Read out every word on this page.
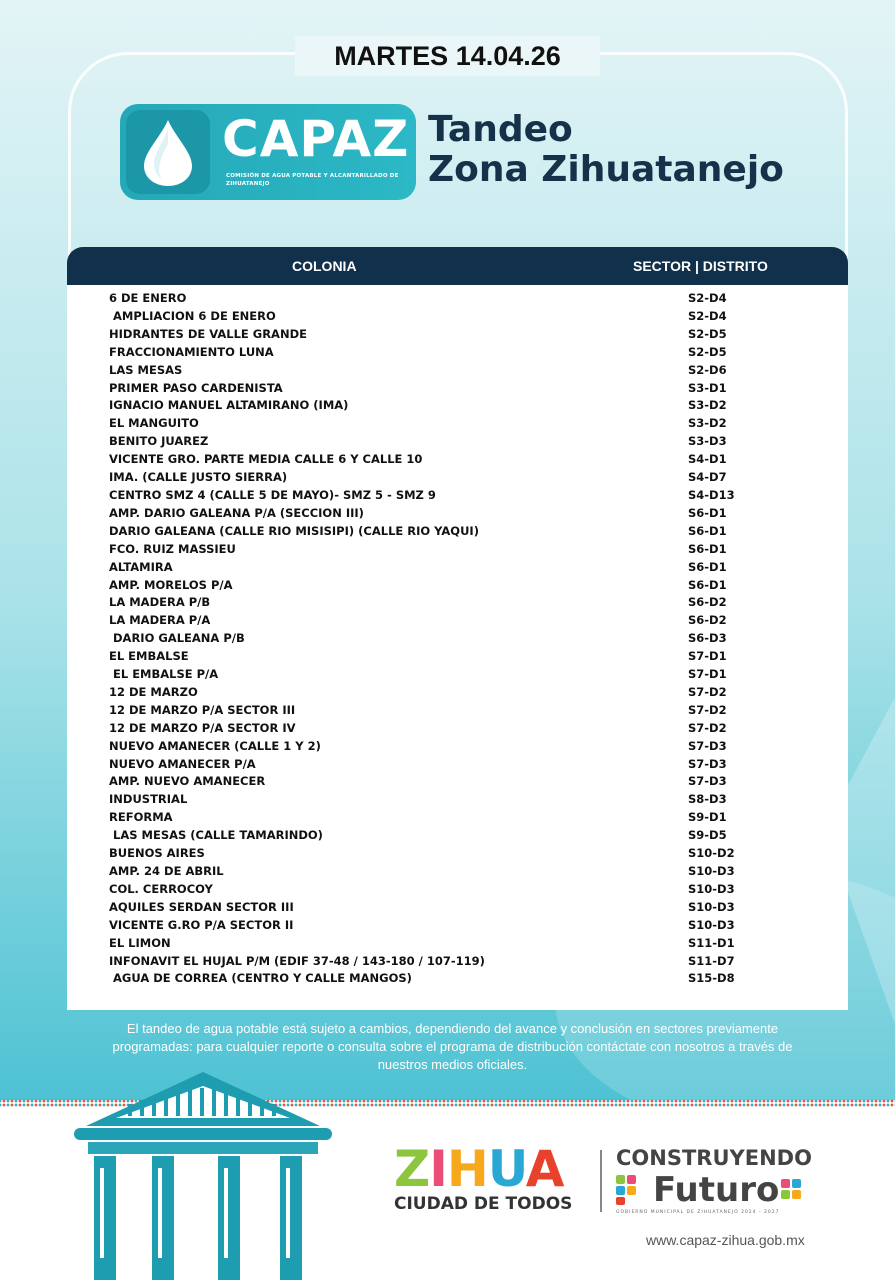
MARTES 14.04.26
CAPAZ
COMISIÓN DE AGUA POTABLE Y ALCANTARILLADO DE ZIHUATANEJO
Tandeo
Zona Zihuatanejo
COLONIA	SECTOR | DISTRITO
6 DE ENERO	S2-D4
AMPLIACION 6 DE ENERO	S2-D4
HIDRANTES DE VALLE GRANDE	S2-D5
FRACCIONAMIENTO LUNA	S2-D5
LAS MESAS	S2-D6
PRIMER PASO CARDENISTA	S3-D1
IGNACIO MANUEL ALTAMIRANO (IMA)	S3-D2
EL MANGUITO	S3-D2
BENITO JUAREZ	S3-D3
VICENTE GRO. PARTE MEDIA CALLE 6 Y CALLE 10	S4-D1
IMA. (CALLE JUSTO SIERRA)	S4-D7
CENTRO SMZ 4 (CALLE 5 DE MAYO)- SMZ 5 - SMZ 9	S4-D13
AMP. DARIO GALEANA P/A (SECCION III)	S6-D1
DARIO GALEANA (CALLE RIO MISISIPI) (CALLE RIO YAQUI)	S6-D1
FCO. RUIZ MASSIEU	S6-D1
ALTAMIRA	S6-D1
AMP. MORELOS P/A	S6-D1
LA MADERA P/B	S6-D2
LA MADERA P/A	S6-D2
DARIO GALEANA P/B	S6-D3
EL EMBALSE	S7-D1
EL EMBALSE P/A	S7-D1
12 DE MARZO	S7-D2
12 DE MARZO P/A SECTOR III	S7-D2
12 DE MARZO P/A SECTOR IV	S7-D2
NUEVO AMANECER (CALLE 1 Y 2)	S7-D3
NUEVO AMANECER P/A	S7-D3
AMP. NUEVO AMANECER	S7-D3
INDUSTRIAL	S8-D3
REFORMA	S9-D1
LAS MESAS (CALLE TAMARINDO)	S9-D5
BUENOS AIRES	S10-D2
AMP. 24 DE ABRIL	S10-D3
COL. CERROCOY	S10-D3
AQUILES SERDAN SECTOR III	S10-D3
VICENTE G.RO P/A SECTOR II	S10-D3
EL LIMON	S11-D1
INFONAVIT EL HUJAL P/M (EDIF 37-48 / 143-180 / 107-119)	S11-D7
AGUA DE CORREA (CENTRO Y CALLE MANGOS)	S15-D8
El tandeo de agua potable está sujeto a cambios, dependiendo del avance y conclusión en sectores previamente programadas: para cualquier reporte o consulta sobre el programa de distribución contáctate con nosotros a través de nuestros medios oficiales.
ZIHUA
CIUDAD DE TODOS
CONSTRUYENDO
Futuro
GOBIERNO MUNICIPAL DE ZIHUATANEJO 2024 - 2027
www.capaz-zihua.gob.mx
